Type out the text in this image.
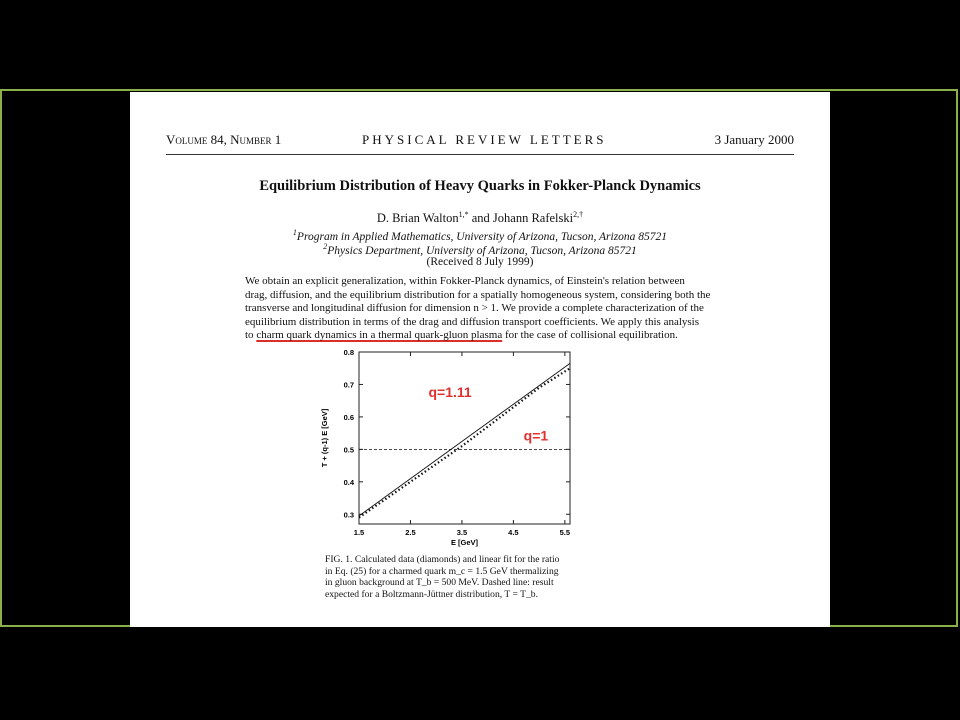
Volume 84, Number 1	PHYSICAL REVIEW LETTERS	3 January 2000
Equilibrium Distribution of Heavy Quarks in Fokker-Planck Dynamics
D. Brian Walton$^{1,*}$ and Johann Rafelski$^{2,\dagger}$
$^1$Program in Applied Mathematics, University of Arizona, Tucson, Arizona 85721
$^2$Physics Department, University of Arizona, Tucson, Arizona 85721
(Received 8 July 1999)
We obtain an explicit generalization, within Fokker-Planck dynamics, of Einstein's relation between
drag, diffusion, and the equilibrium distribution for a spatially homogeneous system, considering both the
transverse and longitudinal diffusion for dimension n > 1. We provide a complete characterization of the
equilibrium distribution in terms of the drag and diffusion transport coefficients. We apply this analysis
to charm quark dynamics in a thermal quark-gluon plasma for the case of collisional equilibration.
1.5	2.5	3.5	4.5	5.5
0.3
0.4
0.5
0.6
0.7
0.8
E [GeV]
T + (q-1) E [GeV]
q=1.11
q=1
FIG. 1. Calculated data (diamonds) and linear fit for the ratio
in Eq. (25) for a charmed quark m_c = 1.5 GeV thermalizing
in gluon background at T_b = 500 MeV. Dashed line: result
expected for a Boltzmann-Jüttner distribution, T = T_b.
